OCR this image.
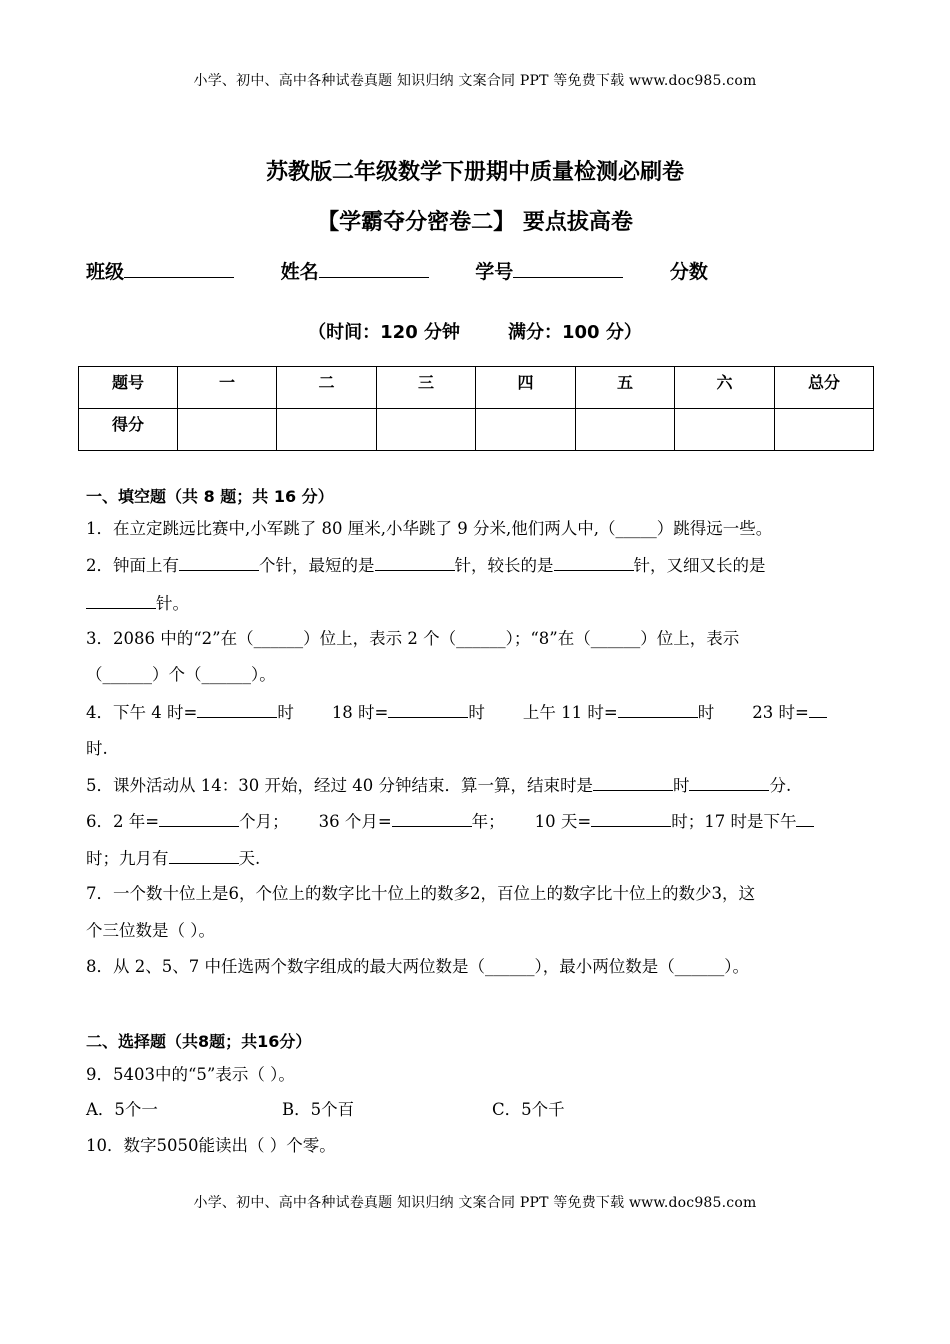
小学、初中、高中各种试卷真题 知识归纳 文案合同 PPT 等免费下载 www.doc985.com
苏教版二年级数学下册期中质量检测必刷卷
【学霸夺分密卷二】 要点拔高卷
班级	姓名	学号	分数
（时间：120 分钟	满分：100 分）
题号	一	二	三	四	五	六	总分
得分							
一、填空题（共 8 题；共 16 分）
1．在立定跳远比赛中,小军跳了 80 厘米,小华跳了 9 分米,他们两人中,（_____）跳得远一些。
2．钟面上有	个针，最短的是	针，较长的是	针，又细又长的是
针。
3．2086 中的“2”在（______）位上，表示 2 个（______）；“8”在（______）位上，表示
（______）个（______）。
4．下午 4 时=	时 18 时=	时 上午 11 时=	时 23 时=
时.
5．课外活动从 14：30 开始，经过 40 分钟结束．算一算，结束时是	时	分.
6．2 年=	个月； 36 个月=	年； 10 天=	时；17 时是下午
时；九月有	天.
7．一个数十位上是6，个位上的数字比十位上的数多2，百位上的数字比十位上的数少3，这
个三位数是（ ）。
8．从 2、5、7 中任选两个数字组成的最大两位数是（______），最小两位数是（______）。
二、选择题（共8题；共16分）
9．5403中的“5”表示（ ）。
A．5个一	B．5个百	C．5个千
10．数字5050能读出（ ）个零。
小学、初中、高中各种试卷真题 知识归纳 文案合同 PPT 等免费下载 www.doc985.com
